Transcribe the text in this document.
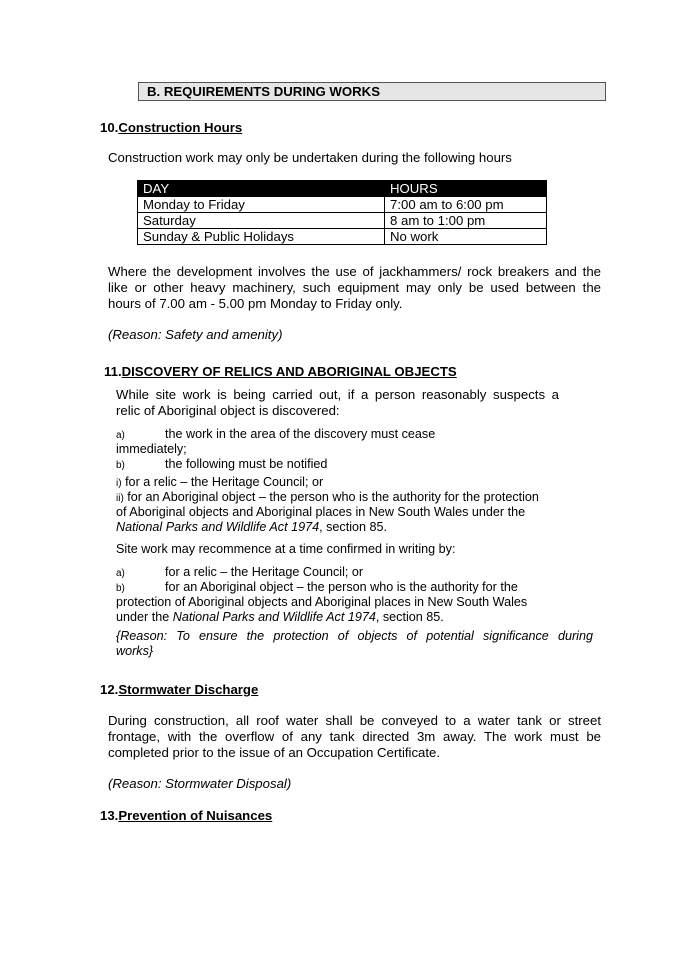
B. REQUIREMENTS DURING WORKS
10.Construction Hours
Construction work may only be undertaken during the following hours
DAY	HOURS
Monday to Friday	7:00 am to 6:00 pm
Saturday	8 am to 1:00 pm
Sunday & Public Holidays	No work
Where the development involves the use of jackhammers/ rock breakers and the
like or other heavy machinery, such equipment may only be used between the
hours of 7.00 am - 5.00 pm Monday to Friday only.
(Reason: Safety and amenity)
11.DISCOVERY OF RELICS AND ABORIGINAL OBJECTS
While site work is being carried out, if a person reasonably suspects a
relic of Aboriginal object is discovered:
a)	the work in the area of the discovery must cease
immediately;
b)	the following must be notified
i) for a relic – the Heritage Council; or
ii) for an Aboriginal object – the person who is the authority for the protection
of Aboriginal objects and Aboriginal places in New South Wales under the
National Parks and Wildlife Act 1974, section 85.
Site work may recommence at a time confirmed in writing by:
a)	for a relic – the Heritage Council; or
b)	for an Aboriginal object – the person who is the authority for the
protection of Aboriginal objects and Aboriginal places in New South Wales
under the National Parks and Wildlife Act 1974, section 85.
{Reason: To ensure the protection of objects of potential significance during
works}
12.Stormwater Discharge
During construction, all roof water shall be conveyed to a water tank or street
frontage, with the overflow of any tank directed 3m away. The work must be
completed prior to the issue of an Occupation Certificate.
(Reason: Stormwater Disposal)
13.Prevention of Nuisances
